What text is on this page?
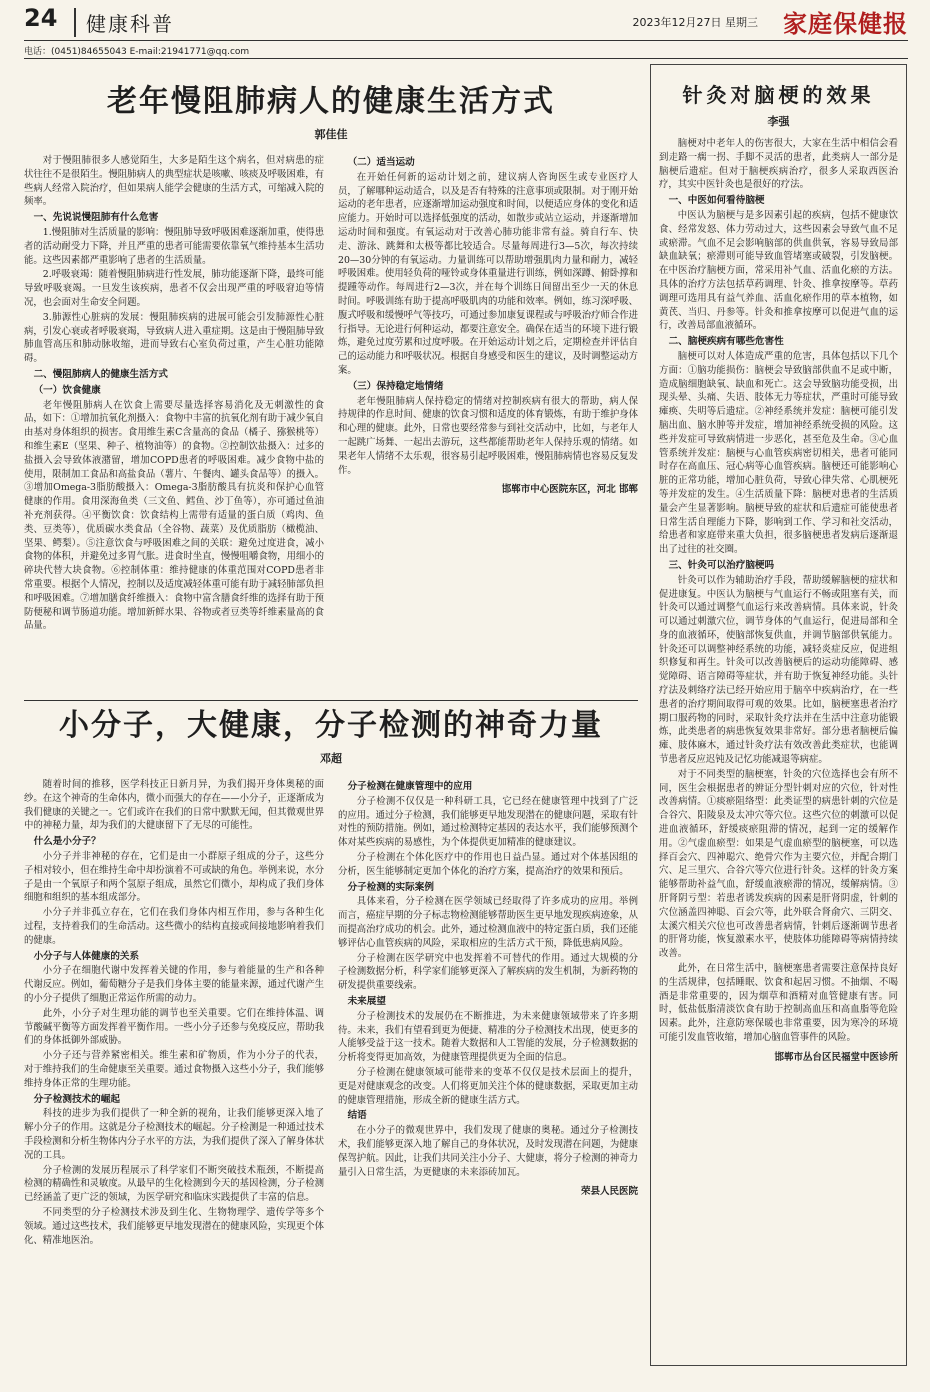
24	健康科普	2023年12月27日 星期三 家庭保健报
电话：(0451)84655043 E-mail:21941771@qq.com
老年慢阻肺病人的健康生活方式
郭佳佳

对于慢阻肺很多人感觉陌生，大多是陌生这个病名，但对病患的症状往往不是很陌生。慢阻肺病人的典型症状是咳嗽、咳痰及呼吸困难，有些病人经常入院治疗，但如果病人能学会健康的生活方式，可缩减入院的频率。

一、先说说慢阻肺有什么危害

1.慢阻肺对生活质量的影响：慢阻肺导致呼吸困难逐渐加重，使得患者的活动耐受力下降，并且严重的患者可能需要依靠氧气维持基本生活功能。这些因素都严重影响了患者的生活质量。

2.呼吸衰竭：随着慢阻肺病进行性发展，肺功能逐渐下降，最终可能导致呼吸衰竭。一旦发生该疾病，患者不仅会出现严重的呼吸窘迫等情况，也会面对生命安全问题。

3.肺源性心脏病的发展：慢阻肺疾病的进展可能会引发肺源性心脏病，引发心衰或者呼吸衰竭，导致病人进入重症期。这是由于慢阻肺导致肺血管高压和肺动脉收缩，进而导致右心室负荷过重，产生心脏功能障碍。

二、慢阻肺病人的健康生活方式
（一）饮食健康

老年慢阻肺病人在饮食上需要尽量选择容易消化及无刺激性的食品，如下：①增加抗氧化剂摄入：食物中丰富的抗氧化剂有助于减少氧自由基对身体组织的损害。食用维生素C含量高的食品（橘子、猕猴桃等）和维生素E（坚果、种子、植物油等）的食物。②控制饮盐摄入：过多的盐摄入会导致体液潴留，增加COPD患者的呼吸困难。减少食物中盐的使用，限制加工食品和高盐食品（薯片、午餐肉、罐头食品等）的摄入。③增加Omega-3脂肪酸摄入：Omega-3脂肪酸具有抗炎和保护心血管健康的作用。食用深海鱼类（三文鱼、鳕鱼、沙丁鱼等），亦可通过鱼油补充剂获得。④平衡饮食：饮食结构上需带有适量的蛋白质（鸡肉、鱼类、豆类等），优质碳水类食品（全谷物、蔬菜）及优质脂肪（橄榄油、坚果、鳄梨）。⑤注意饮食与呼吸困难之间的关联：避免过度进食，减小食物的体积，并避免过多胃气胀。进食时坐直，慢慢咀嚼食物，用细小的碎块代替大块食物。⑥控制体重：维持健康的体重范围对COPD患者非常重要。根据个人情况，控制以及适度减轻体重可能有助于减轻肺部负担和呼吸困难。⑦增加膳食纤维摄入：食物中富含膳食纤维的选择有助于预防便秘和调节肠道功能。增加新鲜水果、谷物或者豆类等纤维素量高的食品量。

（二）适当运动

在开始任何新的运动计划之前，建议病人咨询医生或专业医疗人员，了解哪种运动适合，以及是否有特殊的注意事项或限制。对于刚开始运动的老年患者，应逐渐增加运动强度和时间，以便适应身体的变化和适应能力。开始时可以选择低强度的活动，如散步或站立运动，并逐渐增加运动时间和强度。有氧运动对于改善心肺功能非常有益。骑自行车、快走、游泳、跳舞和太极等都比较适合。尽量每周进行3—5次，每次持续20—30分钟的有氧运动。力量训练可以帮助增强肌肉力量和耐力，减轻呼吸困难。使用轻负荷的哑铃或身体重量进行训练，例如深蹲、俯卧撑和提踵等动作。每周进行2—3次，并在每个训练日间留出至少一天的休息时间。呼吸训练有助于提高呼吸肌肉的功能和效率。例如，练习深呼吸、腹式呼吸和缓慢呼气等技巧，可通过参加康复课程或与呼吸治疗师合作进行指导。无论进行何种运动，都要注意安全。确保在适当的环境下进行锻炼，避免过度劳累和过度呼吸。在开始运动计划之后，定期检查并评估自己的运动能力和呼吸状况。根据自身感受和医生的建议，及时调整运动方案。

（三）保持稳定地情绪

老年慢阻肺病人保持稳定的情绪对控制疾病有很大的帮助，病人保持规律的作息时间、健康的饮食习惯和适度的体育锻炼，有助于维护身体和心理的健康。此外，日常也要经常参与到社交活动中，比如，与老年人一起跳广场舞、一起出去游玩，这些都能帮助老年人保持乐观的情绪。如果老年人情绪不太乐观，很容易引起呼吸困难，慢阻肺病情也容易反复发作。

邯郸市中心医院东区，河北 邯郸
小分子，大健康，分子检测的神奇力量
邓超

随着时间的推移，医学科技正日新月异，为我们揭开身体奥秘的面纱。在这个神奇的生命体内，微小而强大的存在——小分子，正逐渐成为我们健康的关键之一。它们或许在我们的日常中默默无闻，但其微观世界中的神秘力量，却为我们的大健康留下了无尽的可能性。

什么是小分子？

小分子并非神秘的存在，它们是由一小群原子组成的分子，这些分子相对较小，但在维持生命中却扮演着不可或缺的角色。举例来说，水分子是由一个氧原子和两个氢原子组成，虽然它们微小，却构成了我们身体细胞和组织的基本组成部分。

小分子并非孤立存在，它们在我们身体内相互作用，参与各种生化过程，支持着我们的生命活动。这些微小的结构直接或间接地影响着我们的健康。

小分子与人体健康的关系

小分子在细胞代谢中发挥着关键的作用，参与着能量的生产和各种代谢反应。例如，葡萄糖分子是我们身体主要的能量来源，通过代谢产生的小分子提供了细胞正常运作所需的动力。

此外，小分子对生理功能的调节也至关重要。它们在维持体温、调节酸碱平衡等方面发挥着平衡作用。一些小分子还参与免疫反应，帮助我们的身体抵御外部威胁。

小分子还与营养紧密相关。维生素和矿物质，作为小分子的代表，对于维持我们的生命健康至关重要。通过食物摄入这些小分子，我们能够维持身体正常的生理功能。

分子检测技术的崛起

科技的进步为我们提供了一种全新的视角，让我们能够更深入地了解小分子的作用。这就是分子检测技术的崛起。分子检测是一种通过技术手段检测和分析生物体内分子水平的方法，为我们提供了深入了解身体状况的工具。

分子检测的发展历程展示了科学家们不断突破技术瓶颈，不断提高检测的精确性和灵敏度。从最早的生化检测到今天的基因检测，分子检测已经涵盖了更广泛的领域，为医学研究和临床实践提供了丰富的信息。

不同类型的分子检测技术涉及到生化、生物物理学、遗传学等多个领域。通过这些技术，我们能够更早地发现潜在的健康风险，实现更个体化、精准地医治。

分子检测在健康管理中的应用

分子检测不仅仅是一种科研工具，它已经在健康管理中找到了广泛的应用。通过分子检测，我们能够更早地发现潜在的健康问题，采取有针对性的预防措施。例如，通过检测特定基因的表达水平，我们能够预测个体对某些疾病的易感性，为个体提供更加精准的健康建议。

分子检测在个体化医疗中的作用也日益凸显。通过对个体基因组的分析，医生能够制定更加个体化的治疗方案，提高治疗的效果和预后。

分子检测的实际案例

具体来看，分子检测在医学领域已经取得了许多成功的应用。举例而言，癌症早期的分子标志物检测能够帮助医生更早地发现疾病迹象，从而提高治疗成功的机会。此外，通过检测血液中的特定蛋白质，我们还能够评估心血管疾病的风险，采取相应的生活方式干预，降低患病风险。

分子检测在医学研究中也发挥着不可替代的作用。通过大规模的分子检测数据分析，科学家们能够更深入了解疾病的发生机制，为新药物的研发提供重要线索。

未来展望

分子检测技术的发展仍在不断推进，为未来健康领域带来了许多期待。未来，我们有望看到更为便捷、精准的分子检测技术出现，使更多的人能够受益于这一技术。随着大数据和人工智能的发展，分子检测数据的分析将变得更加高效，为健康管理提供更为全面的信息。

分子检测在健康领域可能带来的变革不仅仅是技术层面上的提升，更是对健康观念的改变。人们将更加关注个体的健康数据，采取更加主动的健康管理措施，形成全新的健康生活方式。

结语

在小分子的微观世界中，我们发现了健康的奥秘。通过分子检测技术，我们能够更深入地了解自己的身体状况，及时发现潜在问题，为健康保驾护航。因此，让我们共同关注小分子、大健康，将分子检测的神奇力量引入日常生活，为更健康的未来添砖加瓦。

荣县人民医院
针灸对脑梗的效果
李强

脑梗对中老年人的伤害很大，大家在生活中相信会看到走路一瘸一拐、手脚不灵活的患者，此类病人一部分是脑梗后遗症。但对于脑梗疾病治疗，很多人采取西医治疗，其实中医针灸也是很好的疗法。

一、中医如何看待脑梗

中医认为脑梗与是多因素引起的疾病，包括不健康饮食、经常发怒、体力劳动过大，这些因素会导致气血不足或瘀滞。气血不足会影响脑部的供血供氧，容易导致局部缺血缺氧；瘀滞则可能导致血管堵塞或破裂，引发脑梗。在中医治疗脑梗方面，常采用补气血、活血化瘀的方法。具体的治疗方法包括草药调理、针灸、推拿按摩等。草药调理可选用具有益气养血、活血化瘀作用的草本植物，如黄芪、当归、丹参等。针灸和推拿按摩可以促进气血的运行，改善局部血液循环。

二、脑梗疾病有哪些危害性

脑梗可以对人体造成严重的危害，具体包括以下几个方面：①脑功能损伤：脑梗会导致脑部供血不足或中断，造成脑细胞缺氧、缺血和死亡。这会导致脑功能受损，出现头晕、头痛、失语、肢体无力等症状，严重时可能导致瘫痪、失明等后遗症。②神经系统并发症：脑梗可能引发脑出血、脑水肿等并发症，增加神经系统受损的风险。这些并发症可导致病情进一步恶化，甚至危及生命。③心血管系统并发症：脑梗与心血管疾病密切相关，患者可能同时存在高血压、冠心病等心血管疾病。脑梗还可能影响心脏的正常功能，增加心脏负荷，导致心律失常、心肌梗死等并发症的发生。④生活质量下降：脑梗对患者的生活质量会产生显著影响。脑梗导致的症状和后遗症可能使患者日常生活自理能力下降，影响到工作、学习和社交活动，给患者和家庭带来重大负担，很多脑梗患者发病后逐渐退出了过往的社交圈。

三、针灸可以治疗脑梗吗

针灸可以作为辅助治疗手段，帮助缓解脑梗的症状和促进康复。中医认为脑梗与气血运行不畅或阻塞有关，而针灸可以通过调整气血运行来改善病情。具体来说，针灸可以通过刺激穴位，调节身体的气血运行，促进局部和全身的血液循环，使脑部恢复供血，并调节脑部供氧能力。针灸还可以调整神经系统的功能，减轻炎症反应，促进组织修复和再生。针灸可以改善脑梗后的运动功能障碍、感觉障碍、语言障碍等症状，并有助于恢复神经功能。头针疗法及刺络疗法已经开始应用于脑卒中疾病治疗，在一些患者的治疗期间取得可观的效果。比如，脑梗塞患者治疗期口服药物的同时，采取针灸疗法并在生活中注意功能锻炼，此类患者的病患恢复效果非常好。部分患者脑梗后偏瘫、肢体麻木，通过针灸疗法有效改善此类症状，也能调节患者反应迟钝及记忆功能减退等病症。

对于不同类型的脑梗塞，针灸的穴位选择也会有所不同，医生会根据患者的辨证分型针刺对应的穴位，针对性改善病情。①痰瘀阻络型：此类证型的病患针刺的穴位是合谷穴、阳陵泉及太冲穴等穴位。这些穴位的刺激可以促进血液循环，舒缓痰瘀阻滞的情况，起到一定的缓解作用。②气虚血瘀型：如果是气虚血瘀型的脑梗塞，可以选择百会穴、四神聪穴、绝骨穴作为主要穴位，并配合期门穴、足三里穴、合谷穴等穴位进行针灸。这样的针灸方案能够帮助补益气血，舒缓血液瘀滞的情况，缓解病情。③肝肾阴亏型：若患者诱发疾病的因素是肝肾阴虚，针刺的穴位涵盖四神聪、百会穴等，此外联合肾俞穴、三阴交、太溪穴相关穴位也可改善患者病情，针刺后逐渐调节患者的肝肾功能，恢复激素水平，使肢体功能障碍等病情持续改善。

此外，在日常生活中，脑梗塞患者需要注意保持良好的生活规律，包括睡眠、饮食和起居习惯。不抽烟、不喝酒是非常重要的，因为烟草和酒精对血管健康有害。同时，低盐低脂清淡饮食有助于控制高血压和高血脂等危险因素。此外，注意防寒保暖也非常重要，因为寒冷的环境可能引发血管收缩，增加心脑血管事件的风险。

邯郸市丛台区民福堂中医诊所
